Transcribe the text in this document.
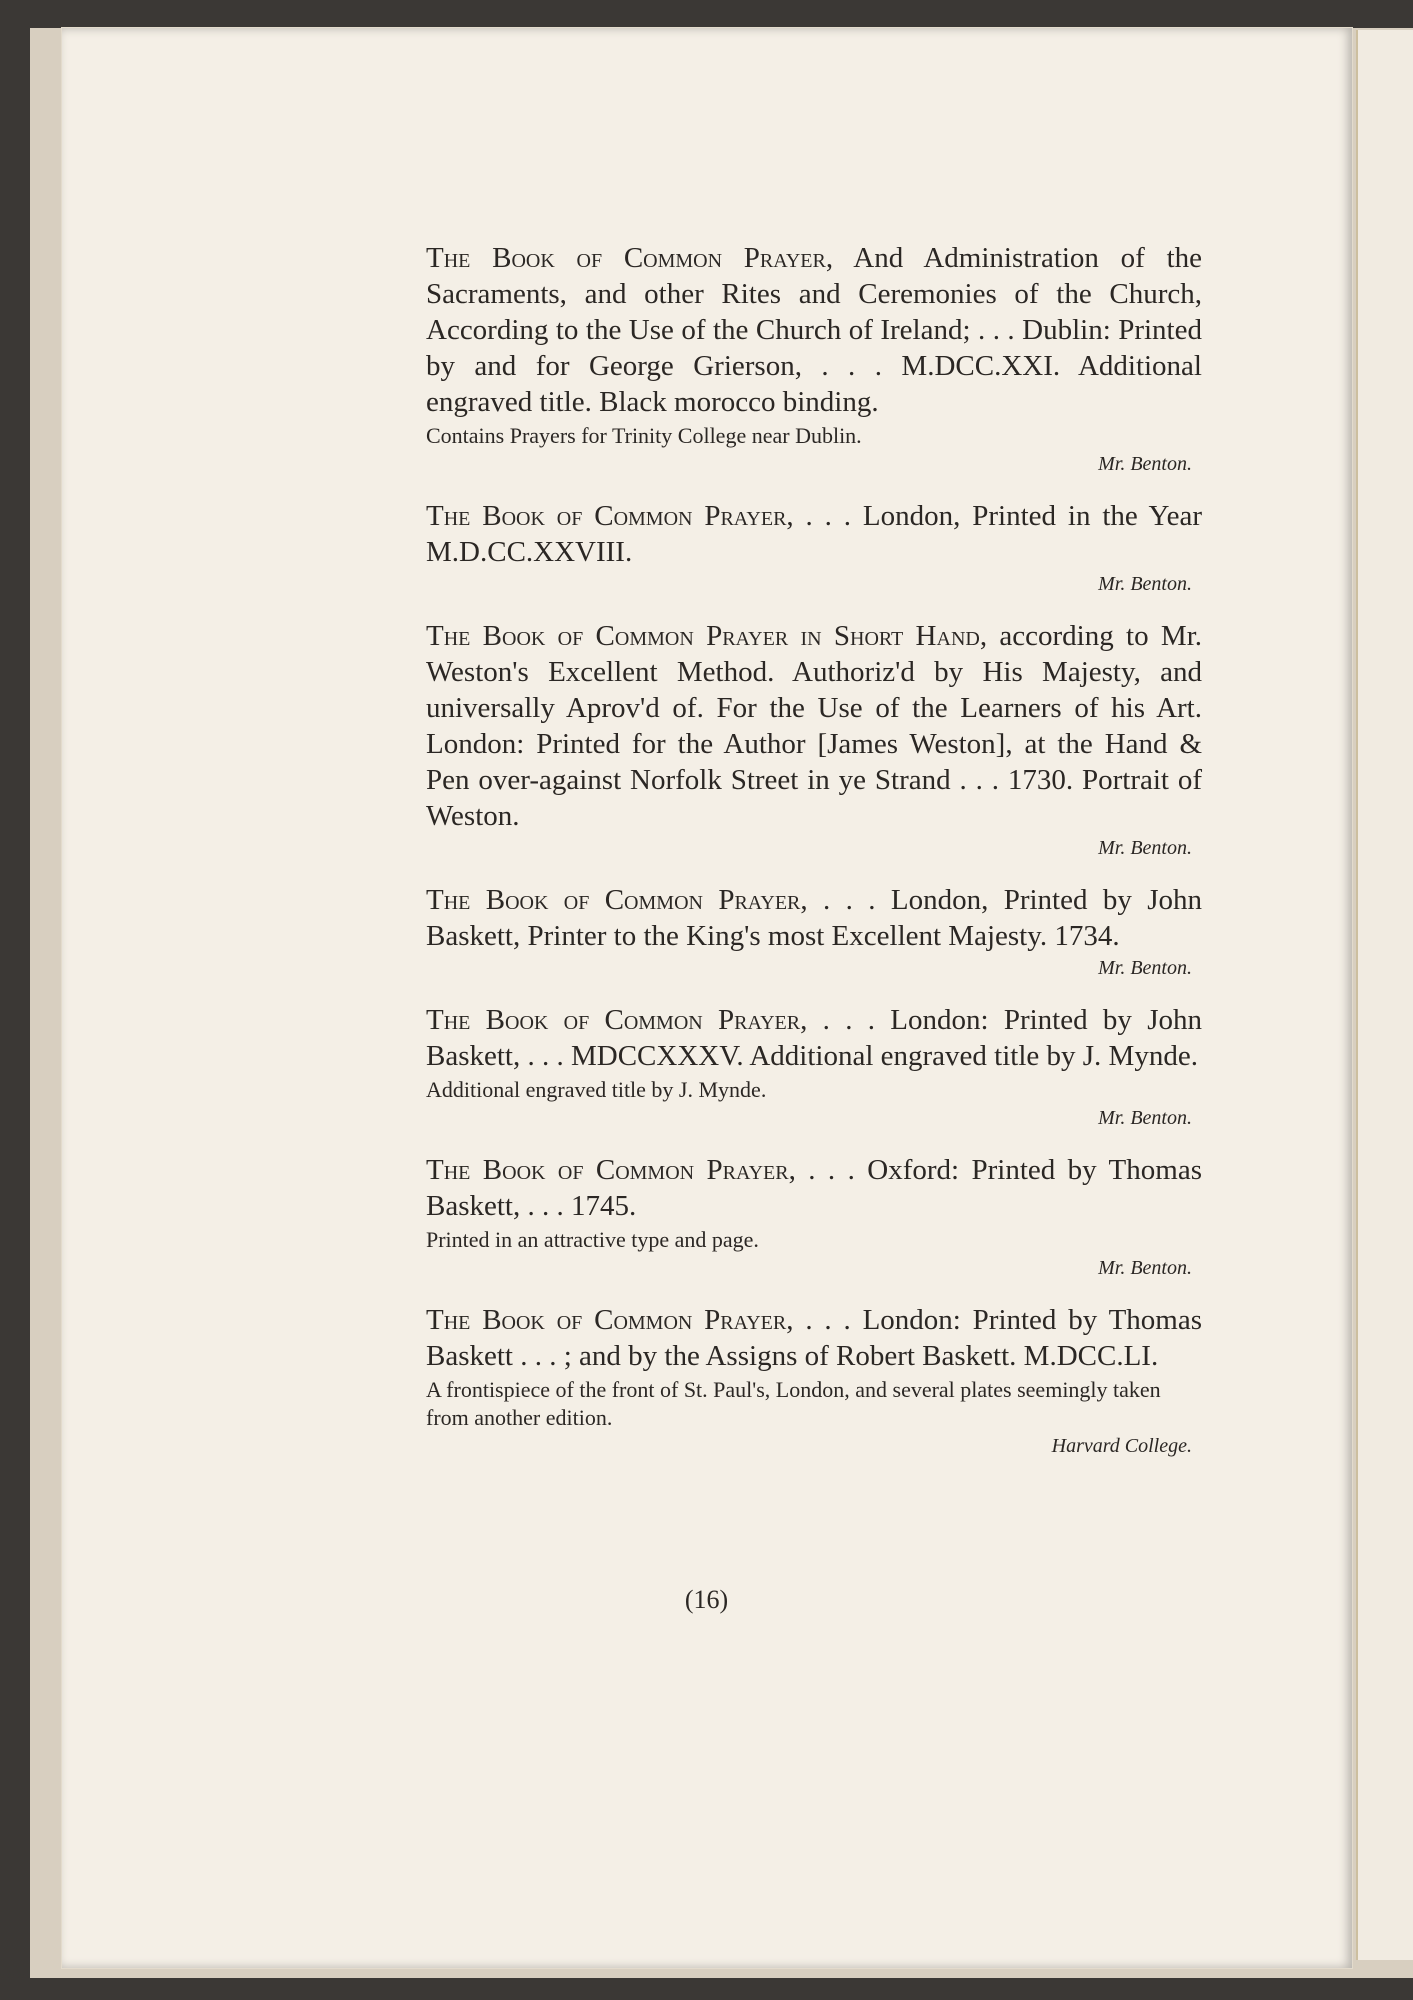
The Book of Common Prayer, And Administration of the Sacraments, and other Rites and Ceremonies of the Church, According to the Use of the Church of Ireland; . . . Dublin: Printed by and for George Grierson, . . . M.DCC.XXI. Additional engraved title. Black morocco binding.

Contains Prayers for Trinity College near Dublin.

Mr. Benton.

The Book of Common Prayer, . . . London, Printed in the Year M.D.CC.XXVIII.

Mr. Benton.

The Book of Common Prayer in Short Hand, according to Mr. Weston's Excellent Method. Authoriz'd by His Majesty, and universally Aprov'd of. For the Use of the Learners of his Art. London: Printed for the Author [James Weston], at the Hand & Pen over-against Norfolk Street in ye Strand . . . 1730. Portrait of Weston.

Mr. Benton.

The Book of Common Prayer, . . . London, Printed by John Baskett, Printer to the King's most Excellent Majesty. 1734.

Mr. Benton.

The Book of Common Prayer, . . . London: Printed by John Baskett, . . . MDCCXXXV. Additional engraved title by J. Mynde.

Additional engraved title by J. Mynde.

Mr. Benton.

The Book of Common Prayer, . . . Oxford: Printed by Thomas Baskett, . . . 1745.

Printed in an attractive type and page.

Mr. Benton.

The Book of Common Prayer, . . . London: Printed by Thomas Baskett . . . ; and by the Assigns of Robert Baskett. M.DCC.LI.

A frontispiece of the front of St. Paul's, London, and several plates seemingly taken from another edition.

Harvard College.

(16)
